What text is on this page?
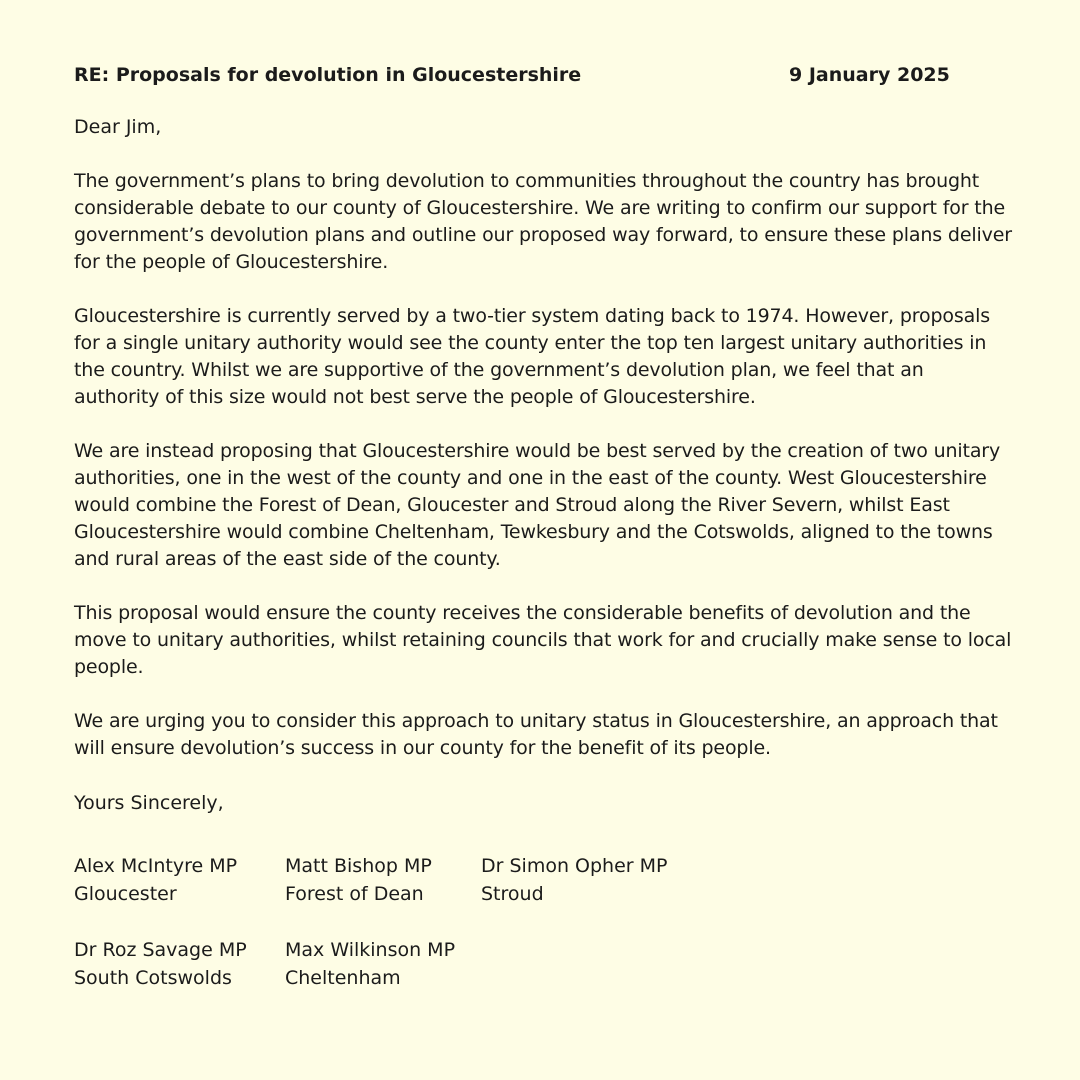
RE: Proposals for devolution in Gloucestershire	9 January 2025
Dear Jim,
The government’s plans to bring devolution to communities throughout the country has brought considerable debate to our county of Gloucestershire. We are writing to confirm our support for the government’s devolution plans and outline our proposed way forward, to ensure these plans deliver for the people of Gloucestershire.
Gloucestershire is currently served by a two-tier system dating back to 1974. However, proposals for a single unitary authority would see the county enter the top ten largest unitary authorities in the country. Whilst we are supportive of the government’s devolution plan, we feel that an authority of this size would not best serve the people of Gloucestershire.
We are instead proposing that Gloucestershire would be best served by the creation of two unitary authorities, one in the west of the county and one in the east of the county. West Gloucestershire would combine the Forest of Dean, Gloucester and Stroud along the River Severn, whilst East Gloucestershire would combine Cheltenham, Tewkesbury and the Cotswolds, aligned to the towns and rural areas of the east side of the county.
This proposal would ensure the county receives the considerable benefits of devolution and the move to unitary authorities, whilst retaining councils that work for and crucially make sense to local people.
We are urging you to consider this approach to unitary status in Gloucestershire, an approach that will ensure devolution’s success in our county for the benefit of its people.
Yours Sincerely,
Alex McIntyre MP
Gloucester
Matt Bishop MP
Forest of Dean
Dr Simon Opher MP
Stroud
Dr Roz Savage MP
South Cotswolds
Max Wilkinson MP
Cheltenham
